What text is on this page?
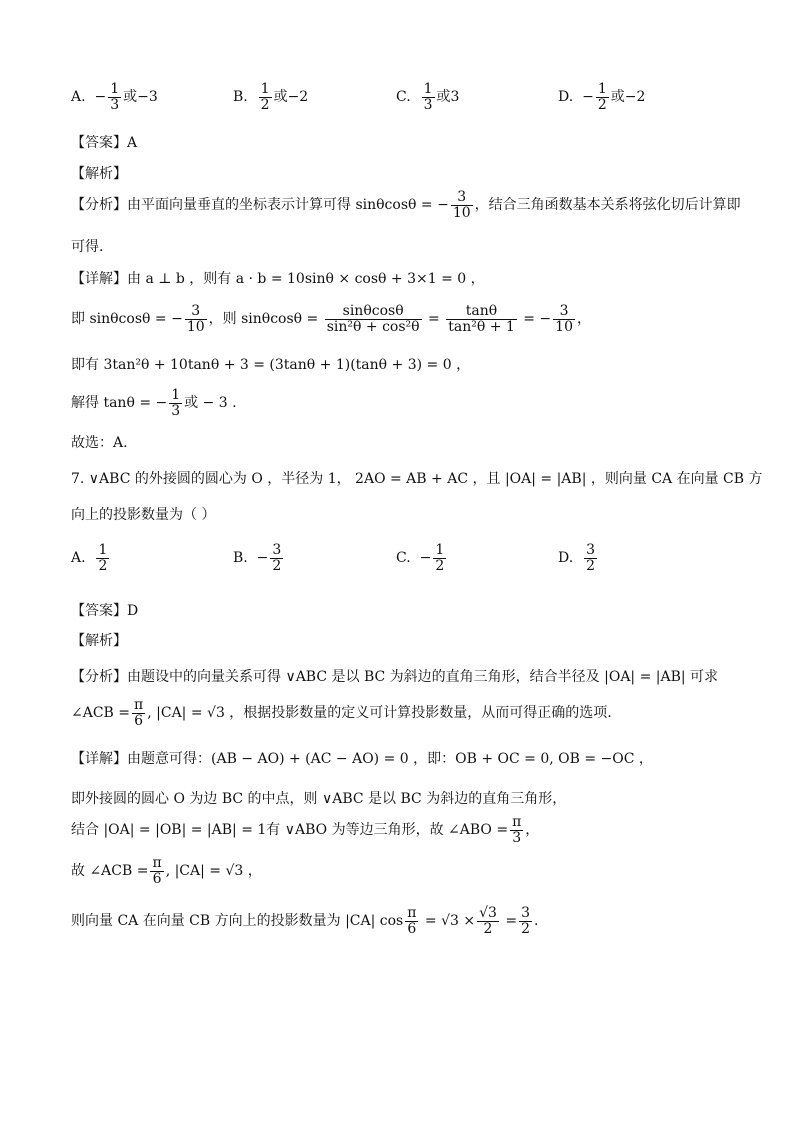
A. − $\frac{1}{3}$ 或−3	B. $\frac{1}{2}$ 或−2	C. $\frac{1}{3}$ 或3	D. − $\frac{1}{2}$ 或−2
【答案】A
【解析】
【分析】由平面向量垂直的坐标表示计算可得 sinθcosθ = − $\frac{3}{10}$ ，结合三角函数基本关系将弦化切后计算即
可得.
【详解】由 a ⊥ b ，则有 a · b = 10sinθ × cosθ + 3×1 = 0 ，
即 sinθcosθ = − $\frac{3}{10}$ ，则 $\sin\theta\cos\theta = \frac{\sin\theta\cos\theta}{\text{sin²θ + cos²θ}} = \frac{\tan\theta}{\text{tan²θ + 1}}$ = − $\frac{3}{10}$ ，
即有 3tan²θ + 10tanθ + 3 = (3tanθ + 1)(tanθ + 3) = 0 ，
解得 tanθ = − $\frac{1}{3}$ 或 − 3 .
故选：A.
7. ∨ABC 的外接圆的圆心为 O ，半径为 1， 2AO = AB + AC ，且 |OA| = |AB| ，则向量 CA 在向量 CB 方
向上的投影数量为（ ）
A. $\frac{1}{2}$	B. − $\frac{3}{2}$	C. − $\frac{1}{2}$	D. $\frac{3}{2}$
【答案】D
【解析】
【分析】由题设中的向量关系可得 ∨ABC 是以 BC 为斜边的直角三角形，结合半径及 |OA| = |AB| 可求
∠ACB = $\frac{\pi}{6}$ , |CA| = √3 ，根据投影数量的定义可计算投影数量，从而可得正确的选项.
【详解】由题意可得：(AB − AO) + (AC − AO) = 0 ，即：OB + OC = 0, OB = −OC ，
即外接圆的圆心 O 为边 BC 的中点，则 ∨ABC 是以 BC 为斜边的直角三角形，
结合 |OA| = |OB| = |AB| = 1有 ∨ABO 为等边三角形，故 ∠ABO = $\frac{\pi}{3}$ ，
故 ∠ACB = $\frac{\pi}{6}$ , |CA| = √3 ，
则向量 CA 在向量 CB 方向上的投影数量为 |CA| $\cos \frac{\pi}{6} = √3 \times \frac{√3}{2} = \frac{3}{2}$ .
